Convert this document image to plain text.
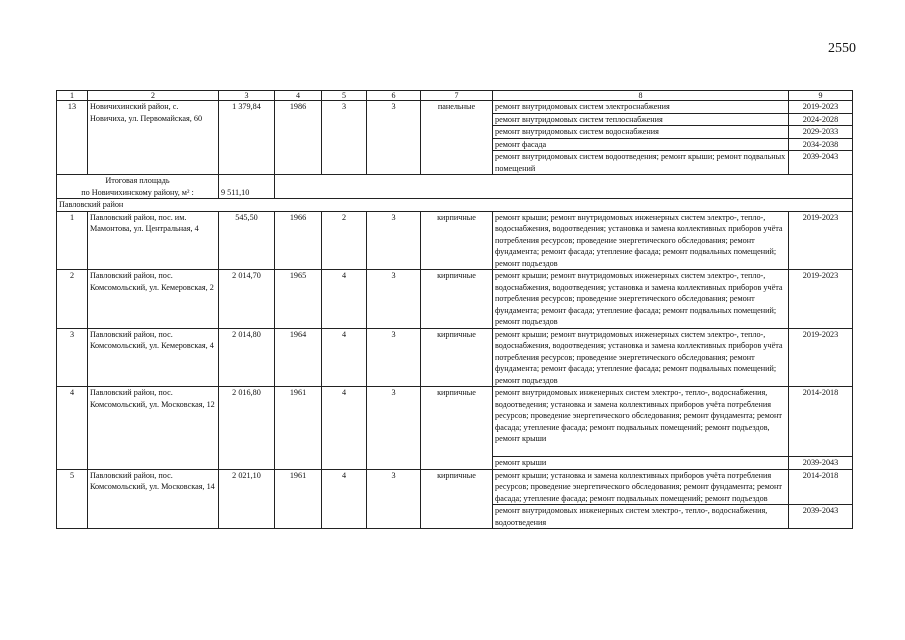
2550
1	2	3	4	5	6	7	8	9
13	Новичихинский район, с. Новичиха, ул. Первомайская, 60	1 379,84	1986	3	3	панельные	ремонт внутридомовых систем электроснабжения	2019-2023
							ремонт внутридомовых систем теплоснабжения	2024-2028
							ремонт внутридомовых систем водоснабжения	2029-2033
							ремонт фасада	2034-2038
							ремонт внутридомовых систем водоотведения; ремонт крыши; ремонт подвальных помещений	2039-2043

Итоговая площадь
по Новичихинскому району, м² :		9 511,10						
Павловский район								
1	Павловский район, пос. им. Мамонтова, ул. Центральная, 4	545,50	1966	2	3	кирпичные	ремонт крыши; ремонт внутридомовых инженерных систем электро-, тепло-, водоснабжения, водоотведения; установка и замена коллективных приборов учёта потребления ресурсов; проведение энергетического обследования; ремонт фундамента; ремонт фасада; утепление фасада; ремонт подвальных помещений; ремонт подъездов	2019-2023
2	Павловский район, пос. Комсомольский, ул. Кемеровская, 2	2 014,70	1965	4	3	кирпичные	ремонт крыши; ремонт внутридомовых инженерных систем электро-, тепло-, водоснабжения, водоотведения; установка и замена коллективных приборов учёта потребления ресурсов; проведение энергетического обследования; ремонт фундамента; ремонт фасада; утепление фасада; ремонт подвальных помещений; ремонт подъездов	2019-2023
3	Павловский район, пос. Комсомольский, ул. Кемеровская, 4	2 014,80	1964	4	3	кирпичные	ремонт крыши; ремонт внутридомовых инженерных систем электро-, тепло-, водоснабжения, водоотведения; установка и замена коллективных приборов учёта потребления ресурсов; проведение энергетического обследования; ремонт фундамента; ремонт фасада; утепление фасада; ремонт подвальных помещений; ремонт подъездов	2019-2023
4	Павловский район, пос. Комсомольский, ул. Московская, 12	2 016,80	1961	4	3	кирпичные	ремонт внутридомовых инженерных систем электро-, тепло-, водоснабжения, водоотведения; установка и замена коллективных приборов учёта потребления ресурсов; проведение энергетического обследования; ремонт фундамента; ремонт фасада; утепление фасада; ремонт подвальных помещений; ремонт подъездов, ремонт крыши	2014-2018
							ремонт крыши	2039-2043
5	Павловский район, пос. Комсомольский, ул. Московская, 14	2 021,10	1961	4	3	кирпичные	ремонт крыши; установка и замена коллективных приборов учёта потребления ресурсов; проведение энергетического обследования; ремонт фундамента; ремонт фасада; утепление фасада; ремонт подвальных помещений; ремонт подъездов	2014-2018
							ремонт внутридомовых инженерных систем электро-, тепло-, водоснабжения, водоотведения	2039-2043
